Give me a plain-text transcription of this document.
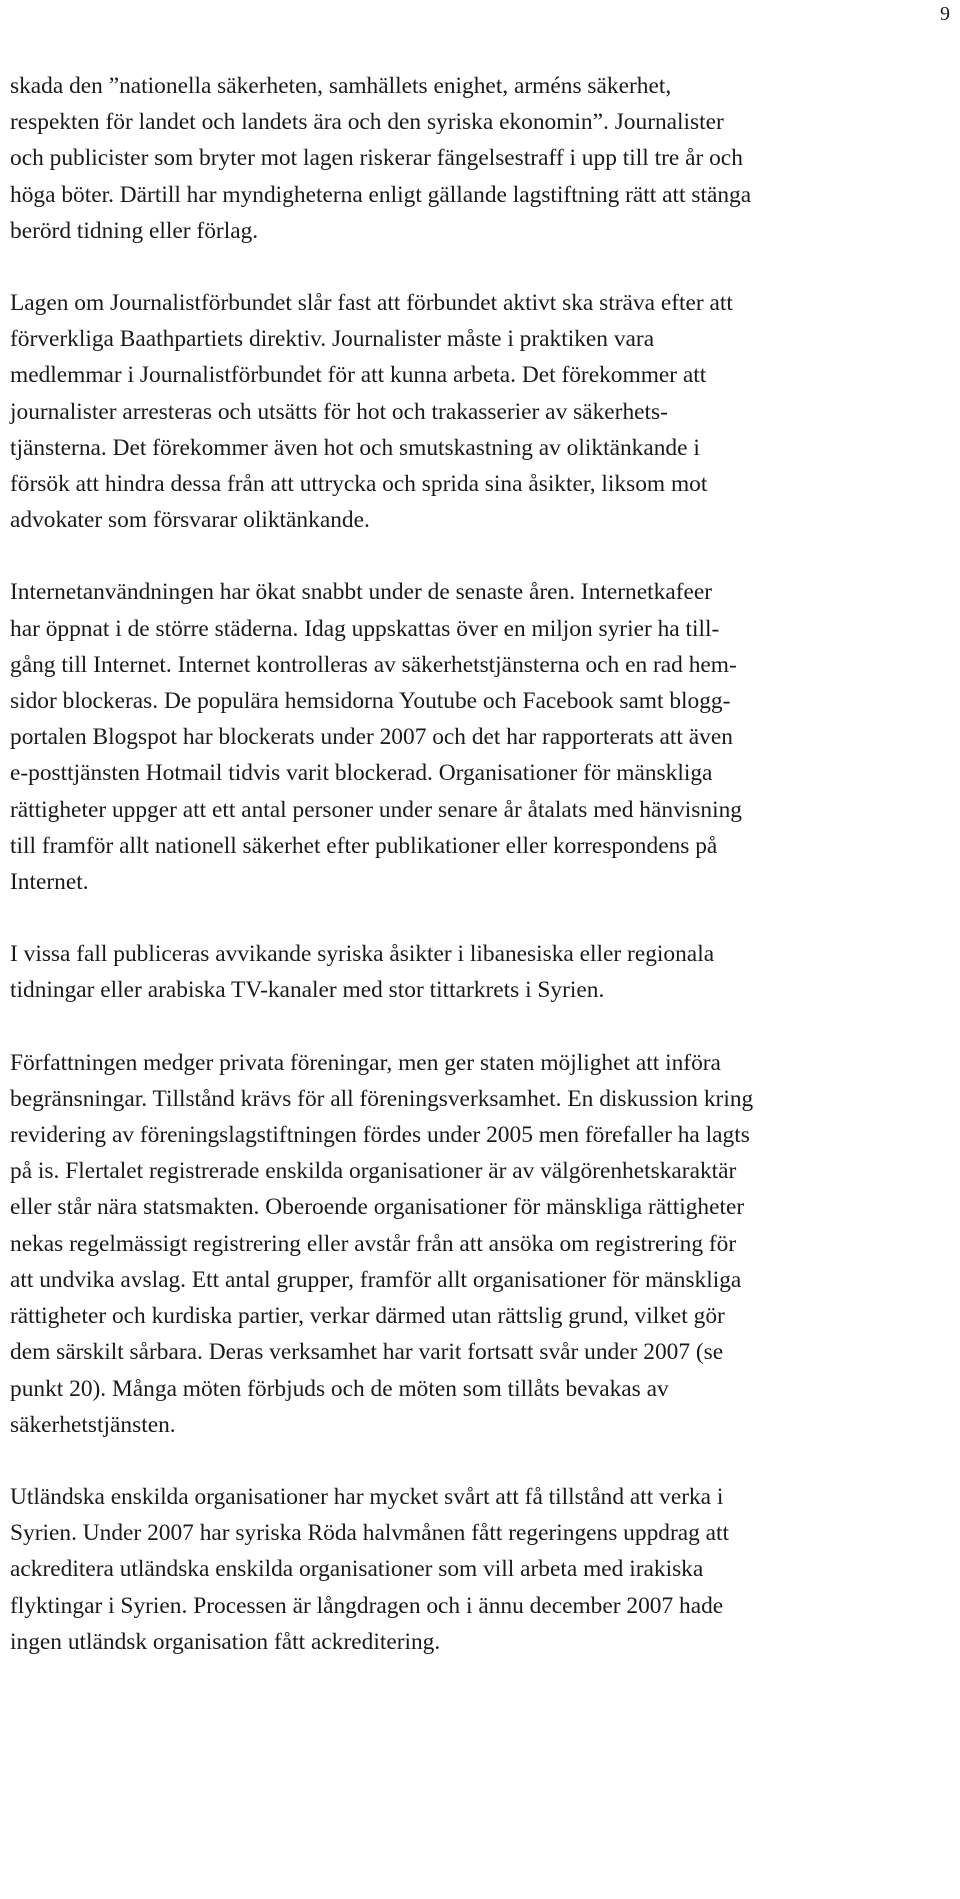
9

skada den ”nationella säkerheten, samhällets enighet, arméns säkerhet,
respekten för landet och landets ära och den syriska ekonomin”. Journalister
och publicister som bryter mot lagen riskerar fängelsestraff i upp till tre år och
höga böter. Därtill har myndigheterna enligt gällande lagstiftning rätt att stänga
berörd tidning eller förlag.

Lagen om Journalistförbundet slår fast att förbundet aktivt ska sträva efter att
förverkliga Baathpartiets direktiv. Journalister måste i praktiken vara
medlemmar i Journalistförbundet för att kunna arbeta. Det förekommer att
journalister arresteras och utsätts för hot och trakasserier av säkerhets-
tjänsterna. Det förekommer även hot och smutskastning av oliktänkande i
försök att hindra dessa från att uttrycka och sprida sina åsikter, liksom mot
advokater som försvarar oliktänkande.

Internetanvändningen har ökat snabbt under de senaste åren. Internetkafeer
har öppnat i de större städerna. Idag uppskattas över en miljon syrier ha till-
gång till Internet. Internet kontrolleras av säkerhetstjänsterna och en rad hem-
sidor blockeras. De populära hemsidorna Youtube och Facebook samt blogg-
portalen Blogspot har blockerats under 2007 och det har rapporterats att även
e-posttjänsten Hotmail tidvis varit blockerad. Organisationer för mänskliga
rättigheter uppger att ett antal personer under senare år åtalats med hänvisning
till framför allt nationell säkerhet efter publikationer eller korrespondens på
Internet.

I vissa fall publiceras avvikande syriska åsikter i libanesiska eller regionala
tidningar eller arabiska TV-kanaler med stor tittarkrets i Syrien.

Författningen medger privata föreningar, men ger staten möjlighet att införa
begränsningar. Tillstånd krävs för all föreningsverksamhet. En diskussion kring
revidering av föreningslagstiftningen fördes under 2005 men förefaller ha lagts
på is. Flertalet registrerade enskilda organisationer är av välgörenhetskaraktär
eller står nära statsmakten. Oberoende organisationer för mänskliga rättigheter
nekas regelmässigt registrering eller avstår från att ansöka om registrering för
att undvika avslag. Ett antal grupper, framför allt organisationer för mänskliga
rättigheter och kurdiska partier, verkar därmed utan rättslig grund, vilket gör
dem särskilt sårbara. Deras verksamhet har varit fortsatt svår under 2007 (se
punkt 20). Många möten förbjuds och de möten som tillåts bevakas av
säkerhetstjänsten.

Utländska enskilda organisationer har mycket svårt att få tillstånd att verka i
Syrien. Under 2007 har syriska Röda halvmånen fått regeringens uppdrag att
ackreditera utländska enskilda organisationer som vill arbeta med irakiska
flyktingar i Syrien. Processen är långdragen och i ännu december 2007 hade
ingen utländsk organisation fått ackreditering.
